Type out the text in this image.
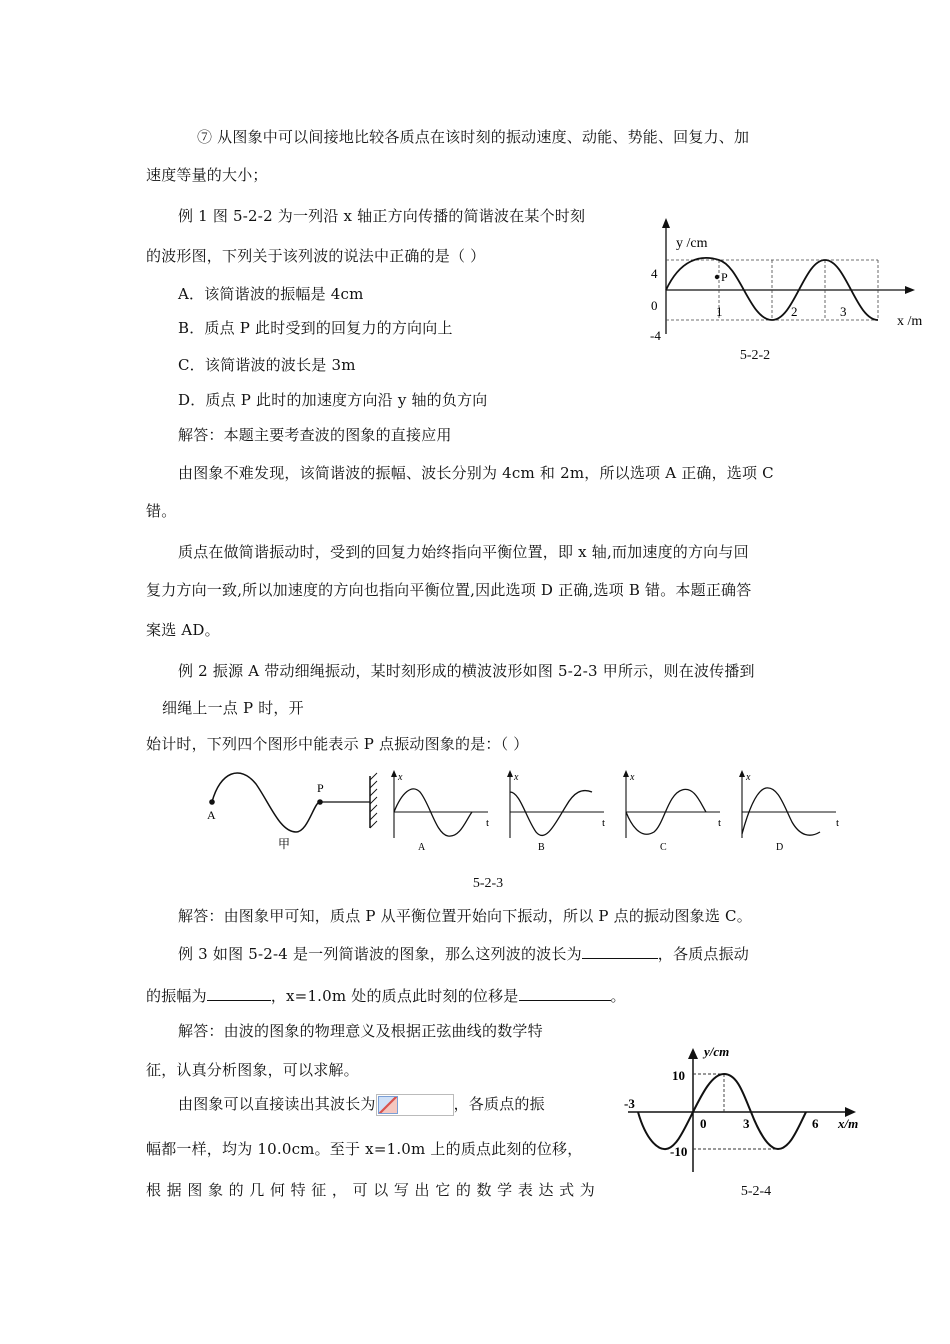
⑦ 从图象中可以间接地比较各质点在该时刻的振动速度、动能、势能、回复力、加
速度等量的大小；
例 1 图 5-2-2 为一列沿 x 轴正方向传播的简谐波在某个时刻
的波形图，下列关于该列波的说法中正确的是（ ）
A．该简谐波的振幅是 4cm
B．质点 P 此时受到的回复力的方向向上
C．该简谐波的波长是 3m
D．质点 P 此时的加速度方向沿 y 轴的负方向
解答：本题主要考查波的图象的直接应用
由图象不难发现，该简谐波的振幅、波长分别为 4cm 和 2m，所以选项 A 正确，选项 C
错。
质点在做简谐振动时，受到的回复力始终指向平衡位置，即 x 轴,而加速度的方向与回
复力方向一致,所以加速度的方向也指向平衡位置,因此选项 D 正确,选项 B 错。本题正确答
案选 AD。
P
y /cm
4
0
-4
1	2	3
x /m
5-2-2
例 2 振源 A 带动细绳振动，某时刻形成的横波波形如图 5-2-3 甲所示，则在波传播到
细绳上一点 P 时，开
始计时，下列四个图形中能表示 P 点振动图象的是：（ ）
A
P
甲
x
t
A
x
t
B
x
t
C
x
t
D
5-2-3
解答：由图象甲可知，质点 P 从平衡位置开始向下振动，所以 P 点的振动图象选 C。
例 3 如图 5-2-4 是一列简谐波的图象，那么这列波的波长为	，各质点振动
的振幅为	，x=1.0m 处的质点此时刻的位移是	。
解答：由波的图象的物理意义及根据正弦曲线的数学特
征，认真分析图象，可以求解。
由图象可以直接读出其波长为	，各质点的振
幅都一样，均为 10.0cm。至于 x=1.0m 上的质点此刻的位移，
根据图象的几何特征，可以写出它的数学表达式为
y/cm
10
-10
-3
0	3	6 x/m
5-2-4
